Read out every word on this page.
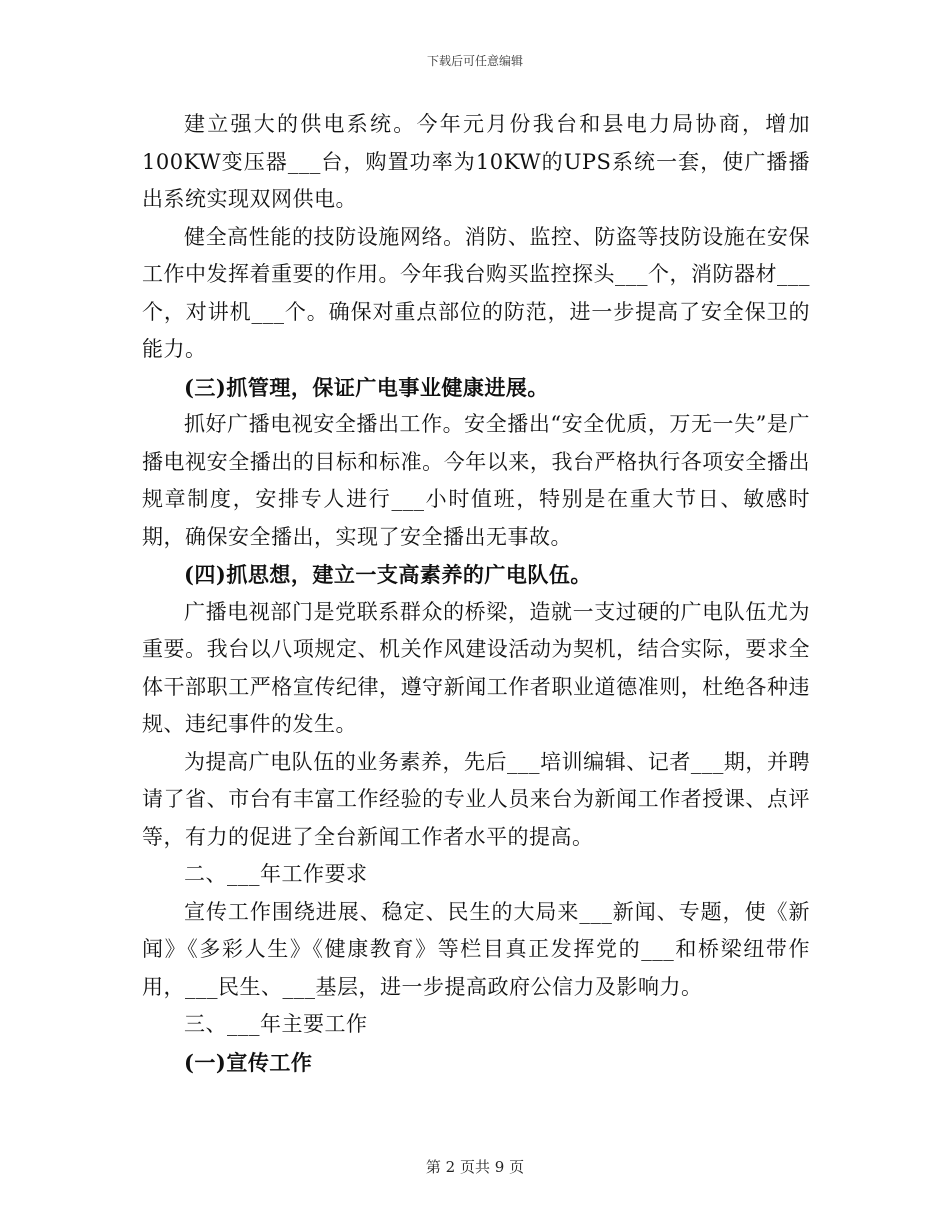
下载后可任意编辑

建立强大的供电系统。今年元月份我台和县电力局协商，增加100KW变压器___台，购置功率为10KW的UPS系统一套，使广播播出系统实现双网供电。

健全高性能的技防设施网络。消防、监控、防盗等技防设施在安保工作中发挥着重要的作用。今年我台购买监控探头___个，消防器材___个，对讲机___个。确保对重点部位的防范，进一步提高了安全保卫的能力。

(三)抓管理，保证广电事业健康进展。

抓好广播电视安全播出工作。安全播出“安全优质，万无一失”是广播电视安全播出的目标和标准。今年以来，我台严格执行各项安全播出规章制度，安排专人进行___小时值班，特别是在重大节日、敏感时期，确保安全播出，实现了安全播出无事故。

(四)抓思想，建立一支高素养的广电队伍。

广播电视部门是党联系群众的桥梁，造就一支过硬的广电队伍尤为重要。我台以八项规定、机关作风建设活动为契机，结合实际，要求全体干部职工严格宣传纪律，遵守新闻工作者职业道德准则，杜绝各种违规、违纪事件的发生。

为提高广电队伍的业务素养，先后___培训编辑、记者___期，并聘请了省、市台有丰富工作经验的专业人员来台为新闻工作者授课、点评等，有力的促进了全台新闻工作者水平的提高。

二、___年工作要求

宣传工作围绕进展、稳定、民生的大局来___新闻、专题，使《新闻》《多彩人生》《健康教育》等栏目真正发挥党的___和桥梁纽带作用，___民生、___基层，进一步提高政府公信力及影响力。

三、___年主要工作

(一)宣传工作

第 2 页共 9 页
